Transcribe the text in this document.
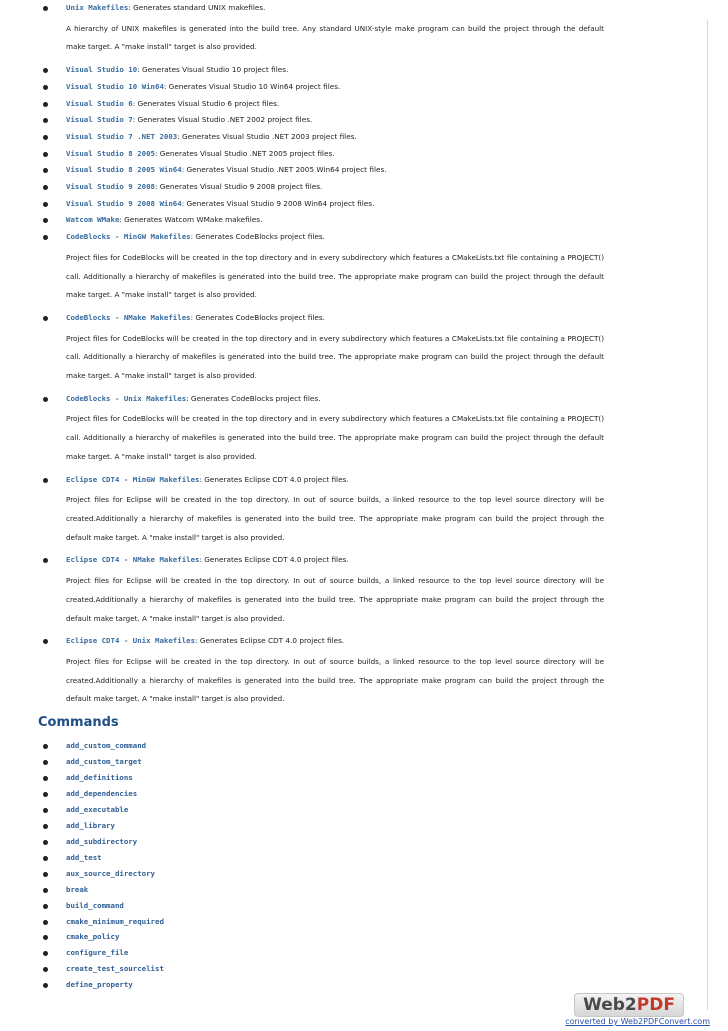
Unix Makefiles: Generates standard UNIX makefiles.
A hierarchy of UNIX makefiles is generated into the build tree. Any standard UNIX-style make program can build the project through the default make target. A "make install" target is also provided.
Visual Studio 10: Generates Visual Studio 10 project files.
Visual Studio 10 Win64: Generates Visual Studio 10 Win64 project files.
Visual Studio 6: Generates Visual Studio 6 project files.
Visual Studio 7: Generates Visual Studio .NET 2002 project files.
Visual Studio 7 .NET 2003: Generates Visual Studio .NET 2003 project files.
Visual Studio 8 2005: Generates Visual Studio .NET 2005 project files.
Visual Studio 8 2005 Win64: Generates Visual Studio .NET 2005 Win64 project files.
Visual Studio 9 2008: Generates Visual Studio 9 2008 project files.
Visual Studio 9 2008 Win64: Generates Visual Studio 9 2008 Win64 project files.
Watcom WMake: Generates Watcom WMake makefiles.
CodeBlocks - MinGW Makefiles: Generates CodeBlocks project files.
Project files for CodeBlocks will be created in the top directory and in every subdirectory which features a CMakeLists.txt file containing a PROJECT() call. Additionally a hierarchy of makefiles is generated into the build tree. The appropriate make program can build the project through the default make target. A "make install" target is also provided.
CodeBlocks - NMake Makefiles: Generates CodeBlocks project files.
Project files for CodeBlocks will be created in the top directory and in every subdirectory which features a CMakeLists.txt file containing a PROJECT() call. Additionally a hierarchy of makefiles is generated into the build tree. The appropriate make program can build the project through the default make target. A "make install" target is also provided.
CodeBlocks - Unix Makefiles: Generates CodeBlocks project files.
Project files for CodeBlocks will be created in the top directory and in every subdirectory which features a CMakeLists.txt file containing a PROJECT() call. Additionally a hierarchy of makefiles is generated into the build tree. The appropriate make program can build the project through the default make target. A "make install" target is also provided.
Eclipse CDT4 - MinGW Makefiles: Generates Eclipse CDT 4.0 project files.
Project files for Eclipse will be created in the top directory. In out of source builds, a linked resource to the top level source directory will be created.Additionally a hierarchy of makefiles is generated into the build tree. The appropriate make program can build the project through the default make target. A "make install" target is also provided.
Eclipse CDT4 - NMake Makefiles: Generates Eclipse CDT 4.0 project files.
Project files for Eclipse will be created in the top directory. In out of source builds, a linked resource to the top level source directory will be created.Additionally a hierarchy of makefiles is generated into the build tree. The appropriate make program can build the project through the default make target. A "make install" target is also provided.
Eclipse CDT4 - Unix Makefiles: Generates Eclipse CDT 4.0 project files.
Project files for Eclipse will be created in the top directory. In out of source builds, a linked resource to the top level source directory will be created.Additionally a hierarchy of makefiles is generated into the build tree. The appropriate make program can build the project through the default make target. A "make install" target is also provided.
Commands
add_custom_command
add_custom_target
add_definitions
add_dependencies
add_executable
add_library
add_subdirectory
add_test
aux_source_directory
break
build_command
cmake_minimum_required
cmake_policy
configure_file
create_test_sourcelist
define_property
Web2PDF
converted by Web2PDFConvert.com
